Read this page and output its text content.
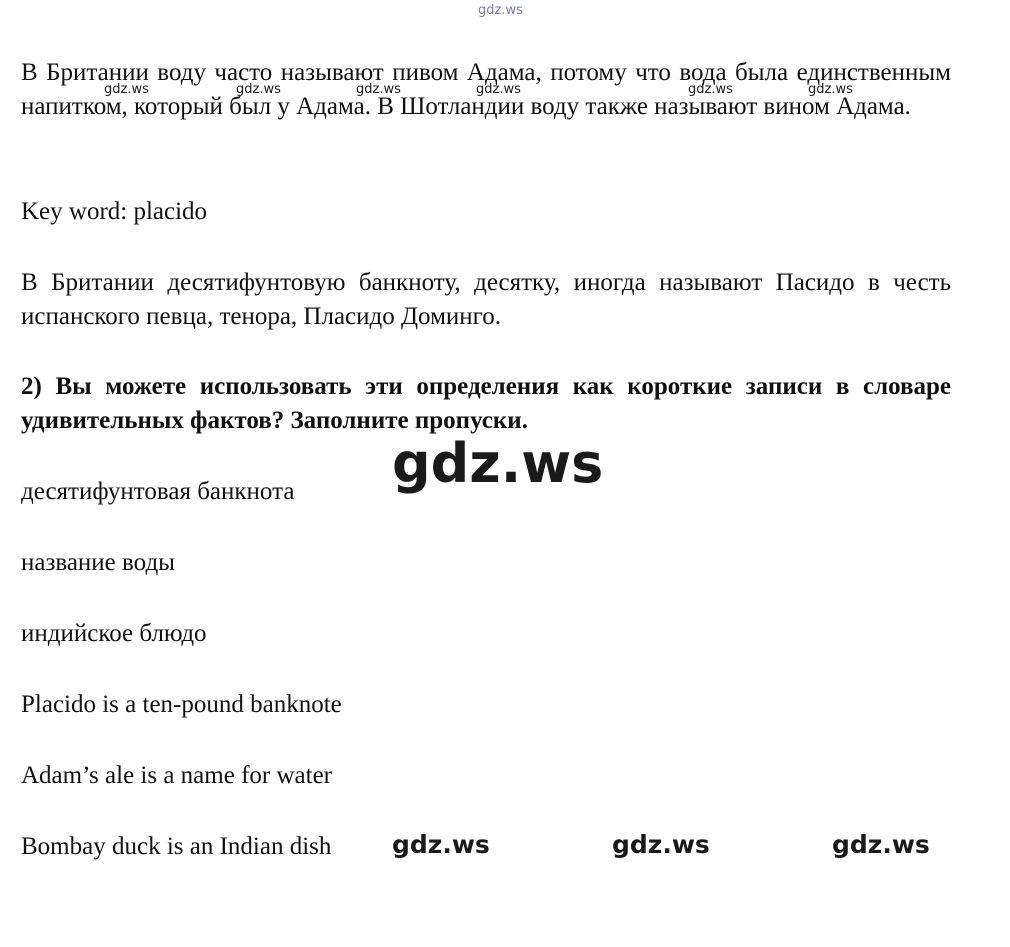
gdz.ws

В Британии воду часто называют пивом Адама, потому что вода была единственным напитком, который был у Адама. В Шотландии воду также называют вином Адама.

gdz.ws	gdz.ws	gdz.ws	gdz.ws	gdz.ws	gdz.ws

Key word: placido

В Британии десятифунтовую банкноту, десятку, иногда называют Пасидо в честь испанского певца, тенора, Пласидо Доминго.

2) Вы можете использовать эти определения как короткие записи в словаре удивительных фактов? Заполните пропуски.

gdz.ws

десятифунтовая банкнота

название воды

индийское блюдо

Placido is a ten-pound banknote

Adam’s ale is a name for water

Bombay duck is an Indian dish gdz.ws	gdz.ws	gdz.ws
